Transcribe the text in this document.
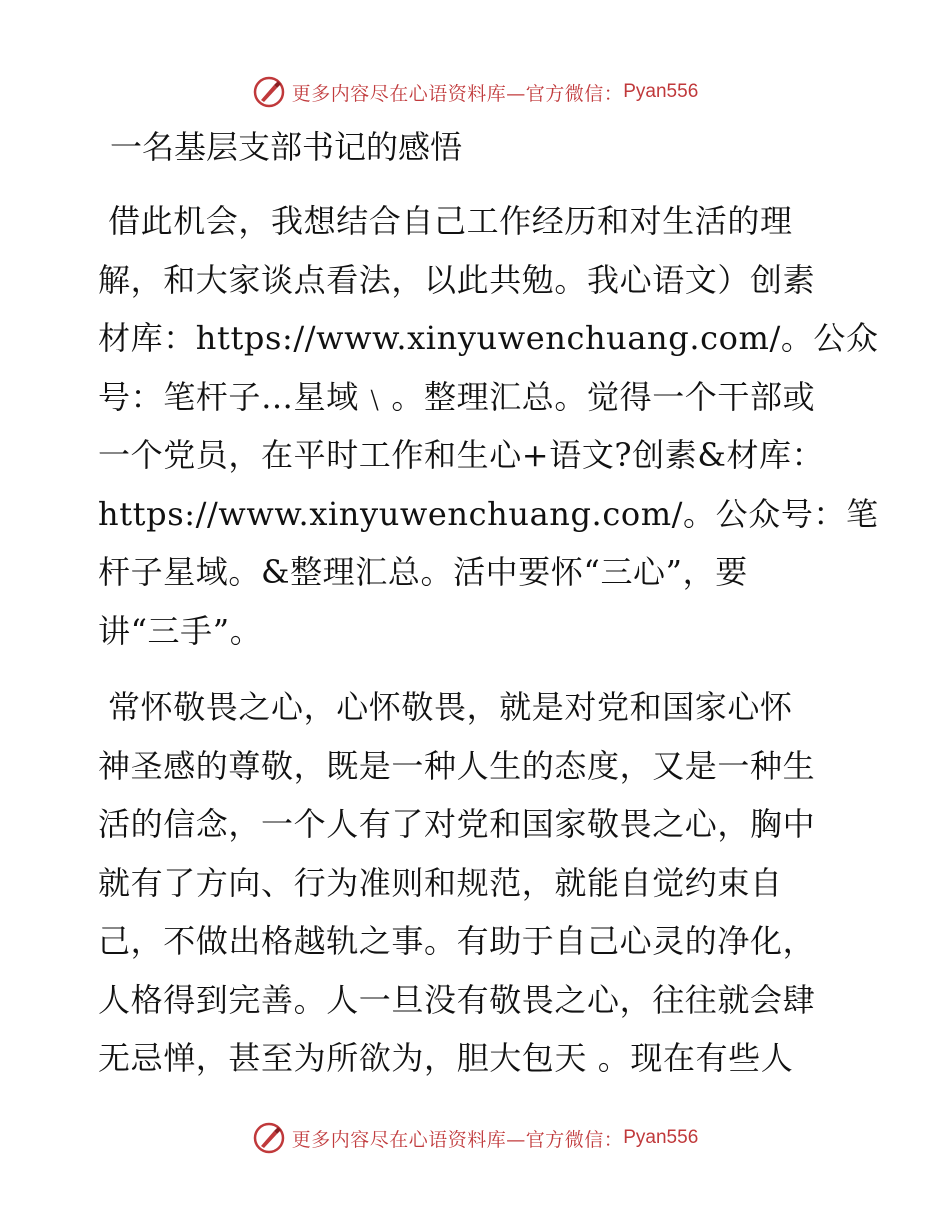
更多内容尽在心语资料库—官方微信： Pyan556
一名基层支部书记的感悟
借此机会，我想结合自己工作经历和对生活的理
解，和大家谈点看法，以此共勉。我心语文）创素
材库：https://www.xinyuwenchuang.com/。公众
号：笔杆子…星域﹨。整理汇总。觉得一个干部或
一个党员，在平时工作和生心+语文?创素&材库：
https://www.xinyuwenchuang.com/。公众号：笔
杆子星域。&整理汇总。活中要怀“三心”，要
讲“三手”。
常怀敬畏之心，心怀敬畏，就是对党和国家心怀
神圣感的尊敬，既是一种人生的态度，又是一种生
活的信念，一个人有了对党和国家敬畏之心，胸中
就有了方向、行为准则和规范，就能自觉约束自
己，不做出格越轨之事。有助于自己心灵的净化，
人格得到完善。人一旦没有敬畏之心，往往就会肆
无忌惮，甚至为所欲为，胆大包天 。现在有些人
更多内容尽在心语资料库—官方微信： Pyan556
